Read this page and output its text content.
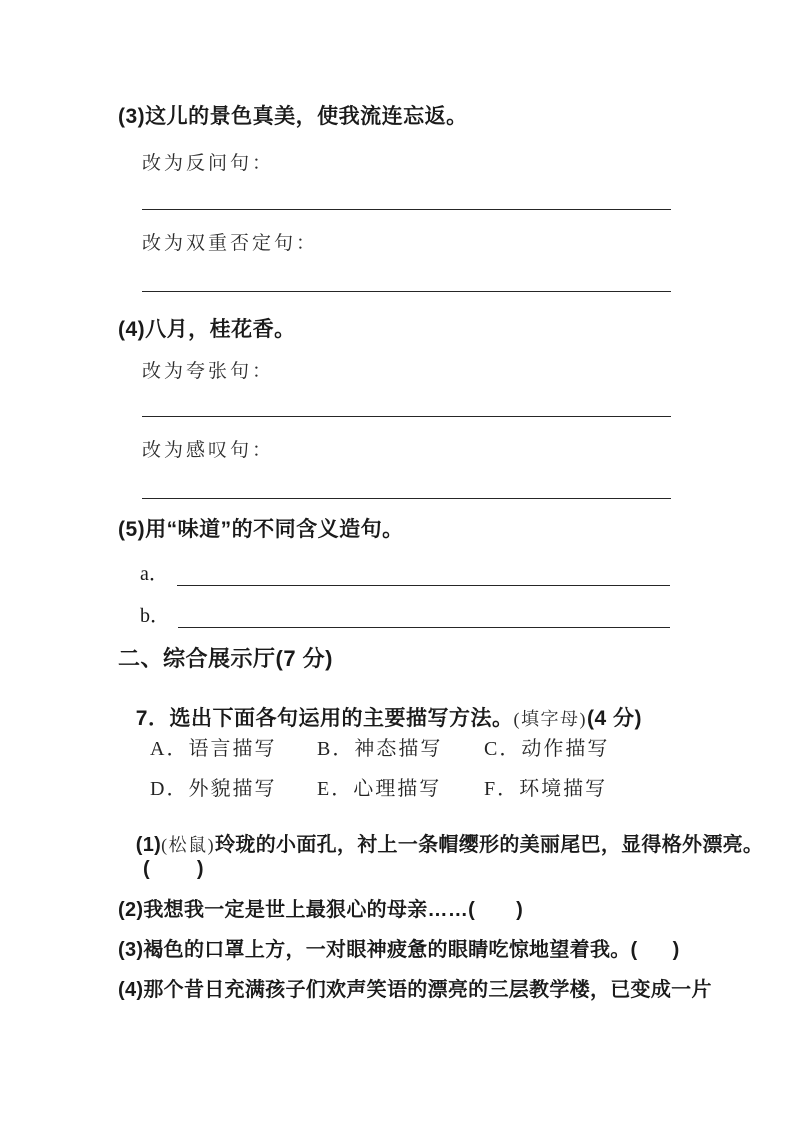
(3)这儿的景色真美，使我流连忘返。
改为反问句：
改为双重否定句：
(4)八月，桂花香。
改为夸张句：
改为感叹句：
(5)用“味道”的不同含义造句。
a．
b．
二、综合展示厅(7 分)

7．选出下面各句运用的主要描写方法。(填字母)(4 分)

A．语言描写	B．神态描写	C．动作描写
D．外貌描写	E．心理描写	F．环境描写

(1)(松鼠)玲珑的小面孔，衬上一条帽缨形的美丽尾巴，显得格外漂亮。

(        )
(2)我想我一定是世上最狠心的母亲……(       )
(3)褐色的口罩上方，一对眼神疲惫的眼睛吃惊地望着我。(      )
(4)那个昔日充满孩子们欢声笑语的漂亮的三层教学楼，已变成一片
